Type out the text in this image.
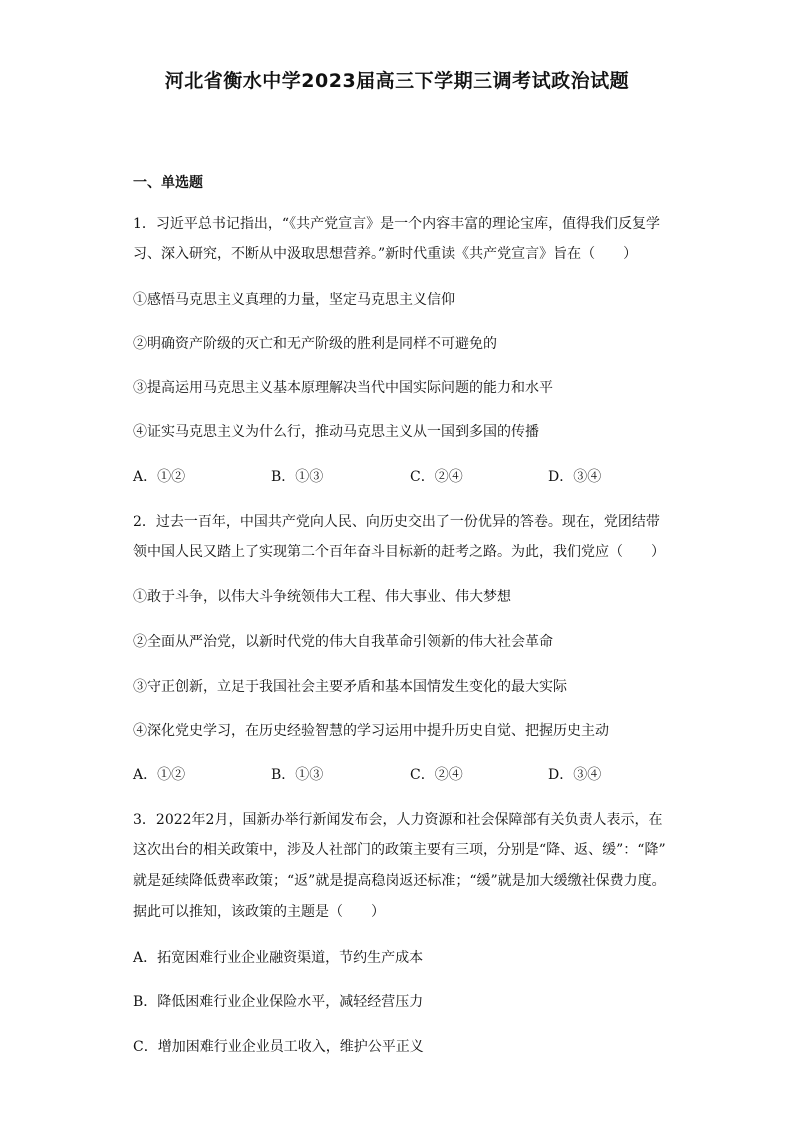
河北省衡水中学2023届高三下学期三调考试政治试题
一、单选题
1．习近平总书记指出，“《共产党宣言》是一个内容丰富的理论宝库，值得我们反复学
习、深入研究，不断从中汲取思想营养。”新时代重读《共产党宣言》旨在（　　）
①感悟马克思主义真理的力量，坚定马克思主义信仰
②明确资产阶级的灭亡和无产阶级的胜利是同样不可避免的
③提高运用马克思主义基本原理解决当代中国实际问题的能力和水平
④证实马克思主义为什么行，推动马克思主义从一国到多国的传播
A．①②	B．①③	C．②④	D．③④
2．过去一百年，中国共产党向人民、向历史交出了一份优异的答卷。现在，党团结带
领中国人民又踏上了实现第二个百年奋斗目标新的赶考之路。为此，我们党应（　　）
①敢于斗争，以伟大斗争统领伟大工程、伟大事业、伟大梦想
②全面从严治党，以新时代党的伟大自我革命引领新的伟大社会革命
③守正创新，立足于我国社会主要矛盾和基本国情发生变化的最大实际
④深化党史学习，在历史经验智慧的学习运用中提升历史自觉、把握历史主动
A．①②	B．①③	C．②④	D．③④
3．2022年2月，国新办举行新闻发布会，人力资源和社会保障部有关负责人表示，在
这次出台的相关政策中，涉及人社部门的政策主要有三项，分别是“降、返、缓”：“降”
就是延续降低费率政策；“返”就是提高稳岗返还标准；“缓”就是加大缓缴社保费力度。
据此可以推知，该政策的主题是（　　）
A．拓宽困难行业企业融资渠道，节约生产成本
B．降低困难行业企业保险水平，减轻经营压力
C．增加困难行业企业员工收入，维护公平正义
